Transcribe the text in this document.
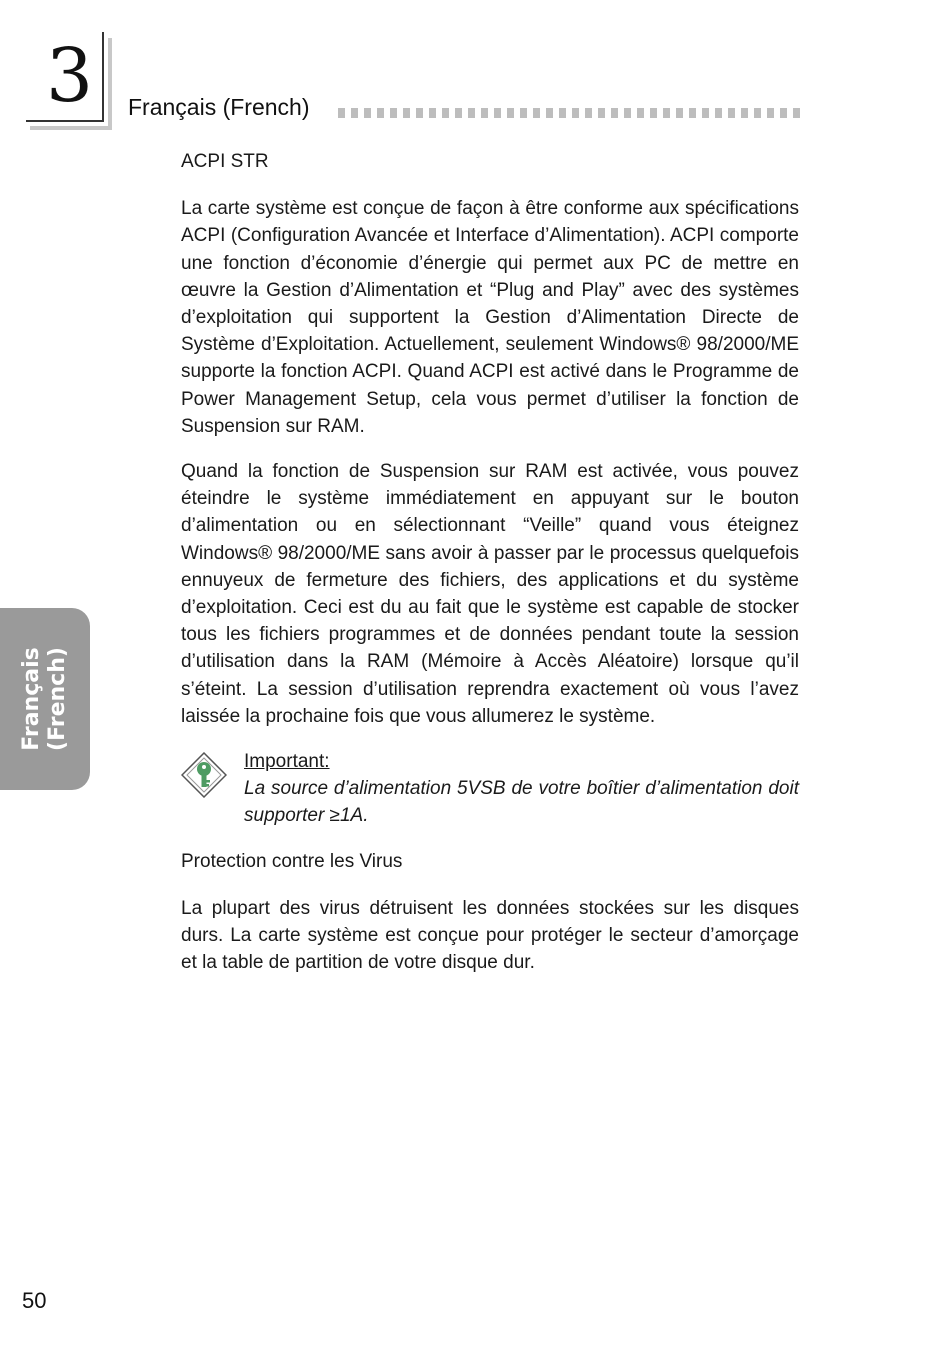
3 Français (French)
Français (French)
ACPI STR

La carte système est conçue de façon à être conforme aux spécifications ACPI (Configuration Avancée et Interface d’Alimentation). ACPI comporte une fonction d’économie d’énergie qui permet aux PC de mettre en œuvre la Gestion d’Alimentation et “Plug and Play” avec des systèmes d’exploitation qui supportent la Gestion d’Alimentation Directe de Système d’Exploitation. Actuellement, seulement Windows® 98/2000/ME supporte la fonction ACPI. Quand ACPI est activé dans le Programme de Power Management Setup, cela vous permet d’utiliser la fonction de Suspension sur RAM.

Quand la fonction de Suspension sur RAM est activée, vous pouvez éteindre le système immédiatement en appuyant sur le bouton d’alimentation ou en sélectionnant “Veille” quand vous éteignez Windows® 98/2000/ME sans avoir à passer par le processus quelquefois ennuyeux de fermeture des fichiers, des applications et du système d’exploitation. Ceci est du au fait que le système est capable de stocker tous les fichiers programmes et de données pendant toute la session d’utilisation dans la RAM (Mémoire à Accès Aléatoire) lorsque qu’il s’éteint. La session d’utilisation reprendra exactement où vous l’avez laissée la prochaine fois que vous allumerez le système.

Important:
La source d’alimentation 5VSB de votre boîtier d’alimentation doit supporter ≥1A.
Protection contre les Virus

La plupart des virus détruisent les données stockées sur les disques durs. La carte système est conçue pour protéger le secteur d’amorçage et la table de partition de votre disque dur.

50
